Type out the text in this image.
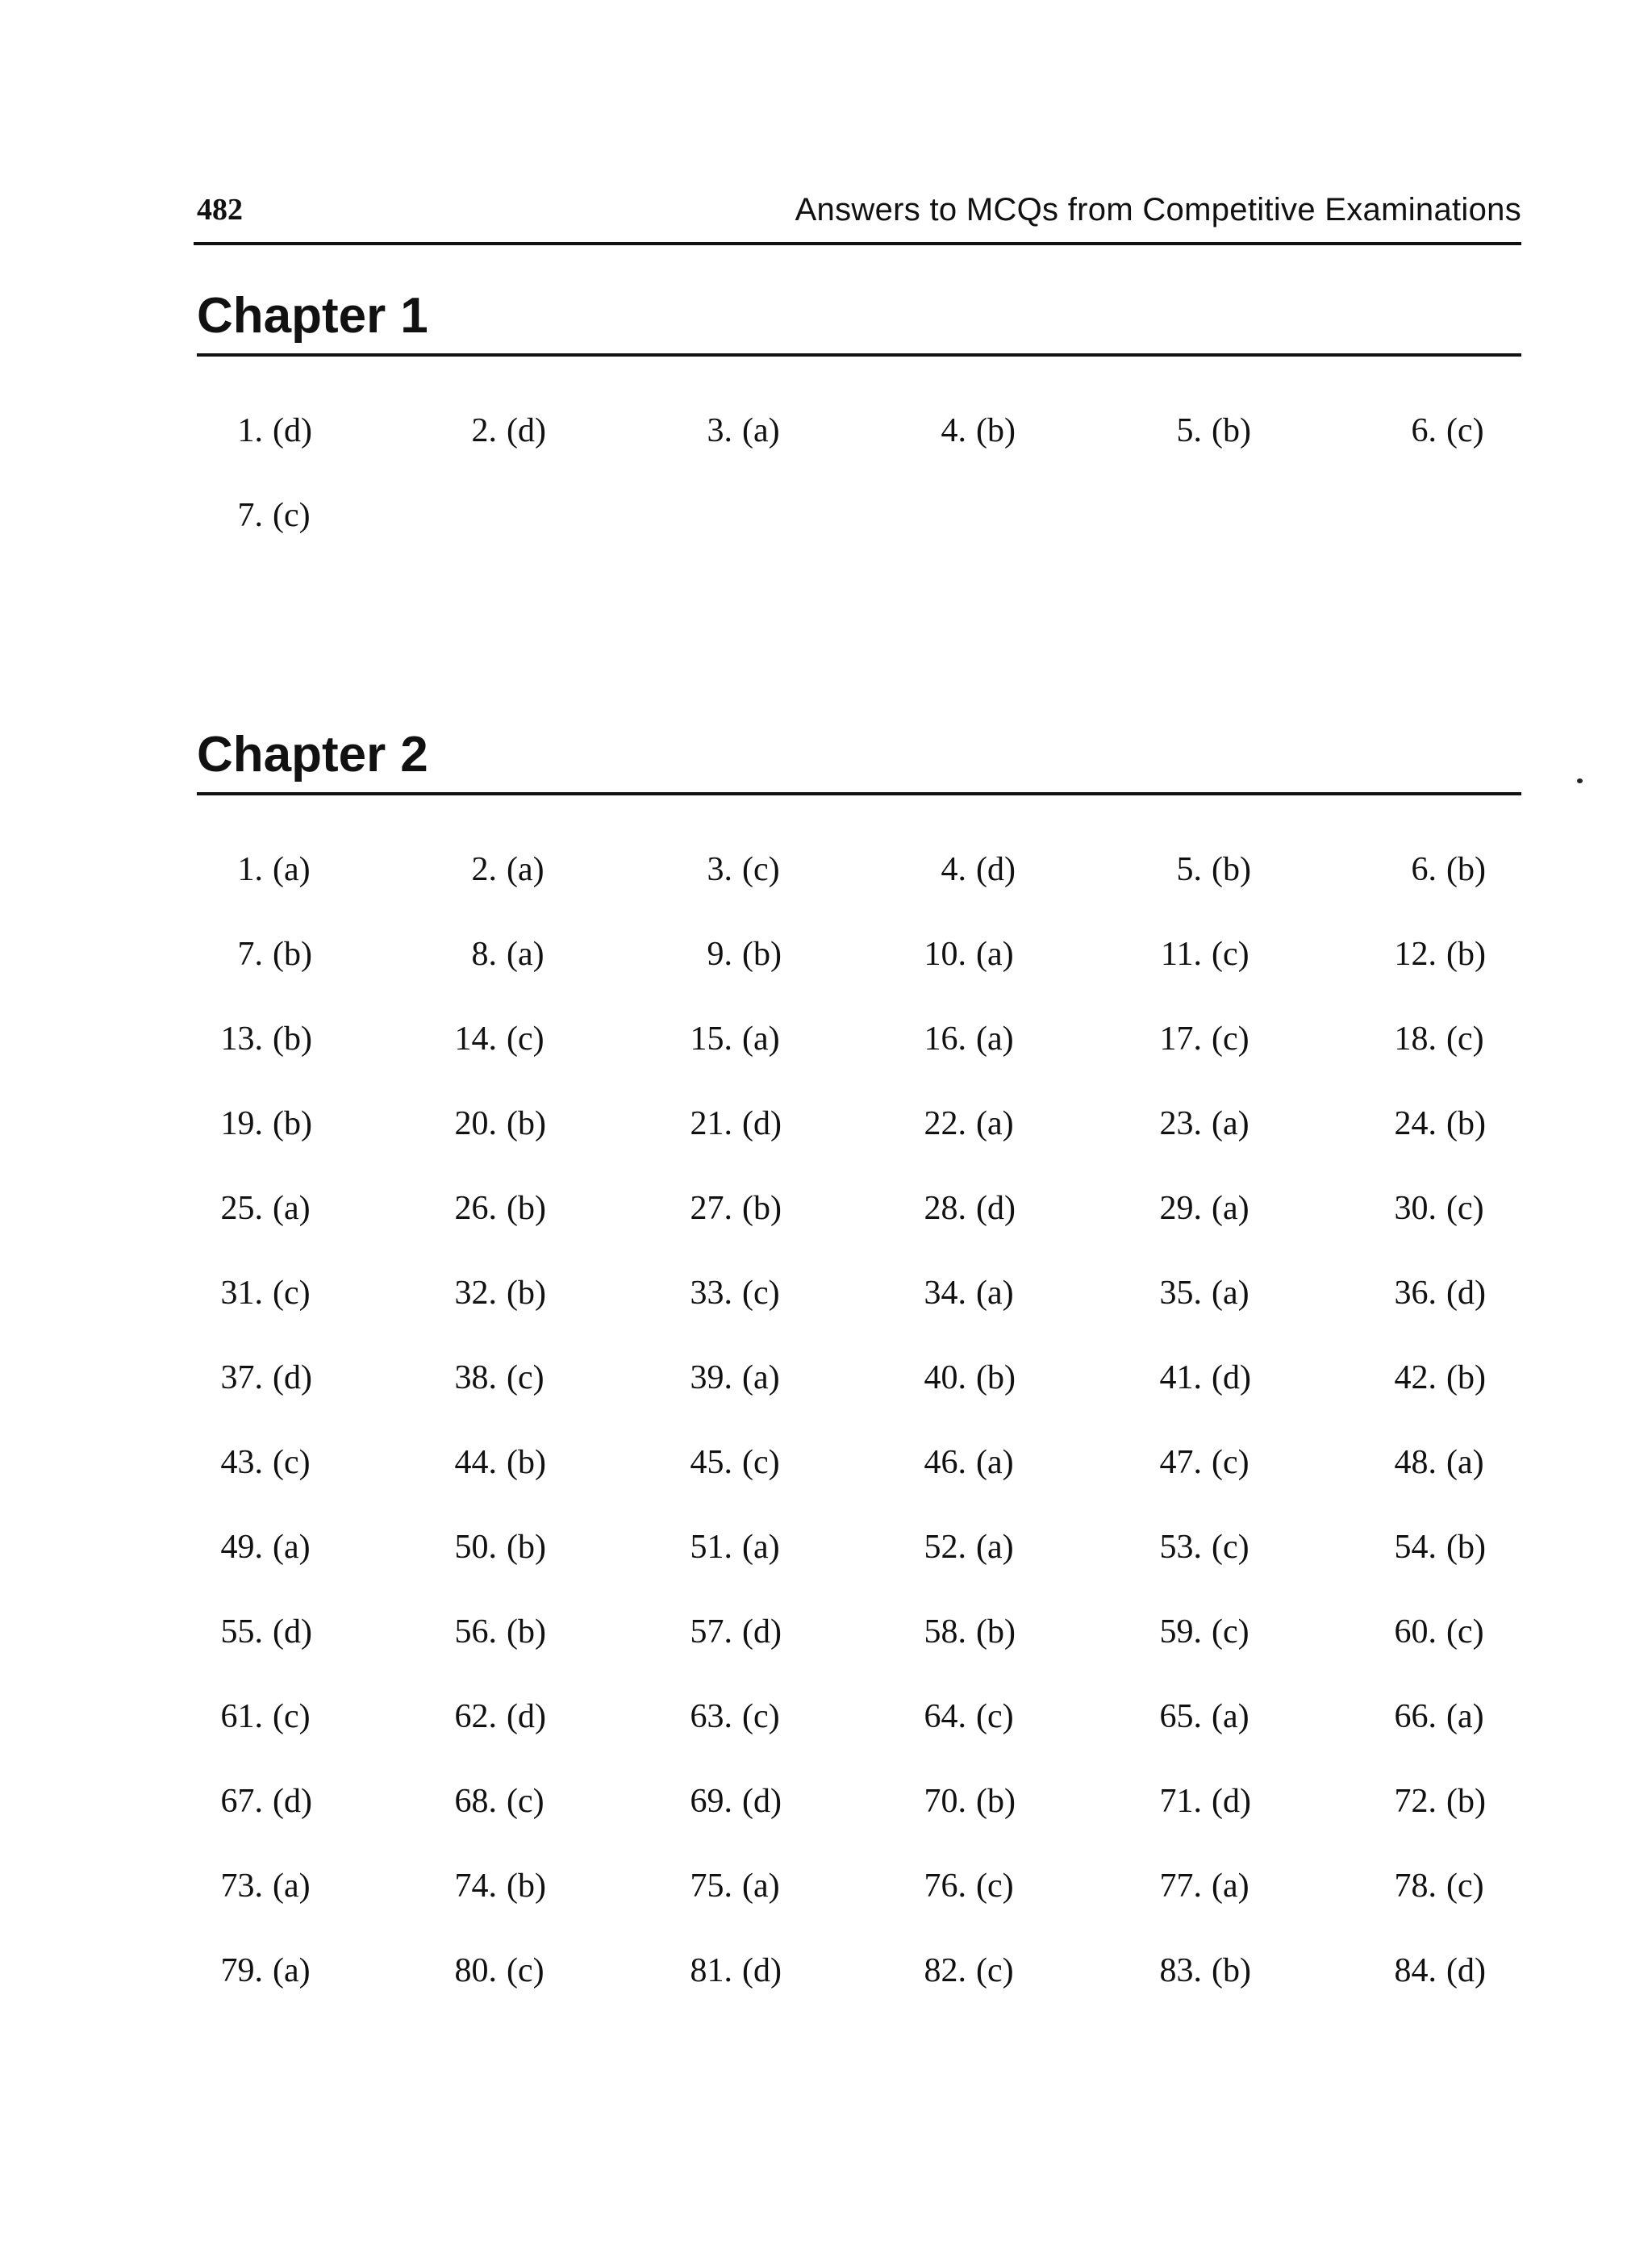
482	Answers to MCQs from Competitive Examinations
Chapter 1
1. (d)	2. (d)	3. (a)	4. (b)	5. (b)	6. (c)
7. (c)
Chapter 2
1. (a)	2. (a)	3. (c)	4. (d)	5. (b)	6. (b)
7. (b)	8. (a)	9. (b)	10. (a)	11. (c)	12. (b)
13. (b)	14. (c)	15. (a)	16. (a)	17. (c)	18. (c)
19. (b)	20. (b)	21. (d)	22. (a)	23. (a)	24. (b)
25. (a)	26. (b)	27. (b)	28. (d)	29. (a)	30. (c)
31. (c)	32. (b)	33. (c)	34. (a)	35. (a)	36. (d)
37. (d)	38. (c)	39. (a)	40. (b)	41. (d)	42. (b)
43. (c)	44. (b)	45. (c)	46. (a)	47. (c)	48. (a)
49. (a)	50. (b)	51. (a)	52. (a)	53. (c)	54. (b)
55. (d)	56. (b)	57. (d)	58. (b)	59. (c)	60. (c)
61. (c)	62. (d)	63. (c)	64. (c)	65. (a)	66. (a)
67. (d)	68. (c)	69. (d)	70. (b)	71. (d)	72. (b)
73. (a)	74. (b)	75. (a)	76. (c)	77. (a)	78. (c)
79. (a)	80. (c)	81. (d)	82. (c)	83. (b)	84. (d)
